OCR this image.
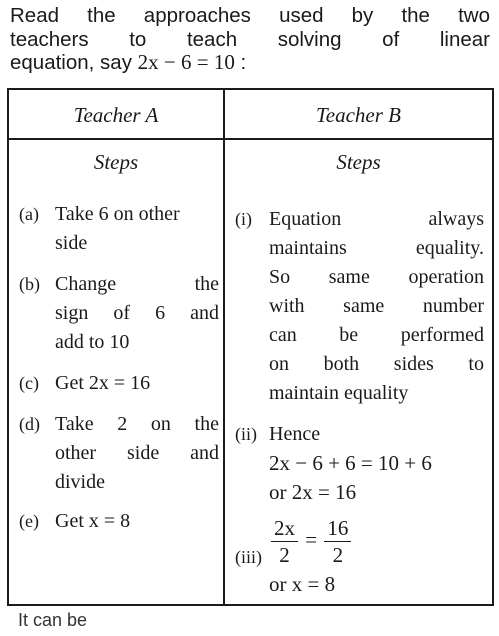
Read the approaches used by the two

teachers to teach solving of linear

equation, say 2x − 6 = 10 :

Teacher A	Teacher B
Steps	Steps
(a) Take 6 on other
side
(b) Change the
sign of 6 and
add to 10
(c) Get 2x = 16
(d) Take 2 on the
other side and
divide
(e) Get x = 8
(i) Equation always
maintains equality.
So same operation
with same number
can be performed
on both sides to
maintain equality
(ii) Hence
2x − 6 + 6 = 10 + 6
or 2x = 16
$(iii) \frac{2x}{2} = \frac{16}{2}$
or x = 8
It can be
